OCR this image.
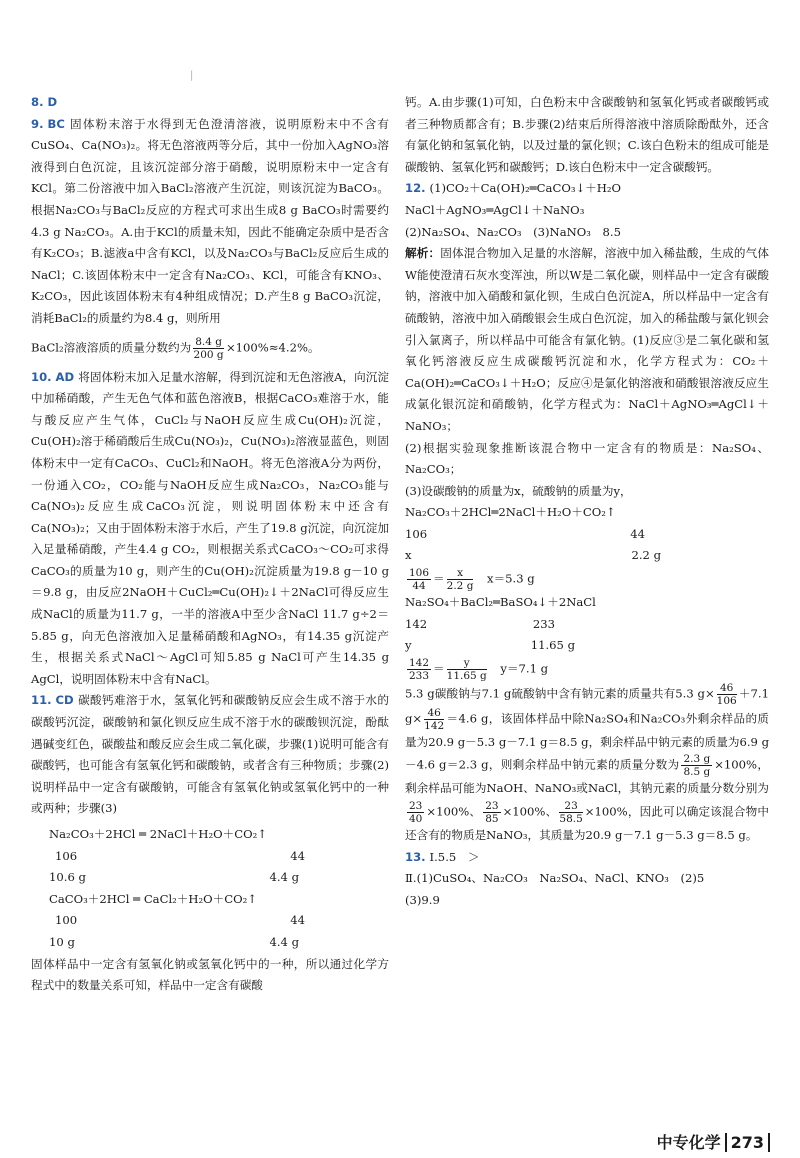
|

8. D

9. BC 固体粉末溶于水得到无色澄清溶液，说明原粉末中不含有CuSO₄、Ca(NO₃)₂。将无色溶液两等分后，其中一份加入AgNO₃溶液得到白色沉淀，且该沉淀部分溶于硝酸，说明原粉末中一定含有KCl。第二份溶液中加入BaCl₂溶液产生沉淀，则该沉淀为BaCO₃。根据Na₂CO₃与BaCl₂反应的方程式可求出生成8 g BaCO₃时需要约4.3 g Na₂CO₃。A.由于KCl的质量未知，因此不能确定杂质中是否含有K₂CO₃；B.滤液a中含有KCl，以及Na₂CO₃与BaCl₂反应后生成的NaCl；C.该固体粉末中一定含有Na₂CO₃、KCl，可能含有KNO₃、K₂CO₃，因此该固体粉末有4种组成情况；D.产生8 g BaCO₃沉淀，消耗BaCl₂的质量约为8.4 g，则所用

BaCl₂溶液溶质的质量分数约为 $\frac{8.4 g}{200 g} \times 100\%\approx 4.2\%$。

10. AD 将固体粉末加入足量水溶解，得到沉淀和无色溶液A，向沉淀中加稀硝酸，产生无色气体和蓝色溶液B，根据CaCO₃难溶于水，能与酸反应产生气体，CuCl₂与NaOH反应生成Cu(OH)₂沉淀，Cu(OH)₂溶于稀硝酸后生成Cu(NO₃)₂，Cu(NO₃)₂溶液显蓝色，则固体粉末中一定有CaCO₃、CuCl₂和NaOH。将无色溶液A分为两份，一份通入CO₂，CO₂能与NaOH反应生成Na₂CO₃，Na₂CO₃能与Ca(NO₃)₂反应生成CaCO₃沉淀，则说明固体粉末中还含有Ca(NO₃)₂；又由于固体粉末溶于水后，产生了19.8 g沉淀，向沉淀加入足量稀硝酸，产生4.4 g CO₂，则根据关系式CaCO₃～CO₂可求得CaCO₃的质量为10 g，则产生的Cu(OH)₂沉淀质量为19.8 g－10 g＝9.8 g，由反应2NaOH＋CuCl₂═Cu(OH)₂↓＋2NaCl可得反应生成NaCl的质量为11.7 g，一半的溶液A中至少含NaCl 11.7 g÷2＝5.85 g，向无色溶液加入足量稀硝酸和AgNO₃，有14.35 g沉淀产生，根据关系式NaCl～AgCl可知5.85 g NaCl可产生14.35 g AgCl，说明固体粉末中含有NaCl。

11. CD 碳酸钙难溶于水，氢氧化钙和碳酸钠反应会生成不溶于水的碳酸钙沉淀，碳酸钠和氯化钡反应生成不溶于水的碳酸钡沉淀，酚酞遇碱变红色，碳酸盐和酸反应会生成二氧化碳，步骤(1)说明可能含有碳酸钙，也可能含有氢氧化钙和碳酸钠，或者含有三种物质；步骤(2)说明样品中一定含有碳酸钠，可能含有氢氧化钠或氢氧化钙中的一种或两种；步骤(3)

Na₂CO₃＋2HCl ═ 2NaCl＋H₂O＋CO₂↑
106	44
10.6 g	4.4 g
CaCO₃＋2HCl ═ CaCl₂＋H₂O＋CO₂↑
100	44
10 g	4.4 g

固体样品中一定含有氢氧化钠或氢氧化钙中的一种，所以通过化学方程式中的数量关系可知，样品中一定含有碳酸

钙。A.由步骤(1)可知，白色粉末中含碳酸钠和氢氧化钙或者碳酸钙或者三种物质都含有；B.步骤(2)结束后所得溶液中溶质除酚酞外，还含有氯化钠和氢氧化钠，以及过量的氯化钡；C.该白色粉末的组成可能是碳酸钠、氢氧化钙和碳酸钙；D.该白色粉末中一定含碳酸钙。

12. (1)CO₂＋Ca(OH)₂═CaCO₃↓＋H₂O

NaCl＋AgNO₃═AgCl↓＋NaNO₃

(2)Na₂SO₄、Na₂CO₃　(3)NaNO₃　8.5

解析：固体混合物加入足量的水溶解，溶液中加入稀盐酸，生成的气体W能使澄清石灰水变浑浊，所以W是二氧化碳，则样品中一定含有碳酸钠，溶液中加入硝酸和氯化钡，生成白色沉淀A，所以样品中一定含有硫酸钠，溶液中加入硝酸银会生成白色沉淀，加入的稀盐酸与氯化钡会引入氯离子，所以样品中可能含有氯化钠。(1)反应③是二氧化碳和氢氧化钙溶液反应生成碳酸钙沉淀和水，化学方程式为：CO₂＋Ca(OH)₂═CaCO₃↓＋H₂O；反应④是氯化钠溶液和硝酸银溶液反应生成氯化银沉淀和硝酸钠，化学方程式为：NaCl＋AgNO₃═AgCl↓＋NaNO₃；

(2)根据实验现象推断该混合物中一定含有的物质是：Na₂SO₄、Na₂CO₃；

(3)设碳酸钠的质量为x，硫酸钠的质量为y，

Na₂CO₃＋2HCl═2NaCl＋H₂O＋CO₂↑
106	44
x	2.2 g
$\frac{106}{44} = \frac{x}{2.2 g}$
　 x＝5.3 g
Na₂SO₄＋BaCl₂═BaSO₄↓＋2NaCl
142	233
y	11.65 g
$\frac{142}{233} = \frac{y}{11.65 g}$
　 y＝7.1 g

5.3 g碳酸钠与7.1 g硫酸钠中含有钠元素的质量共有5.3 $g\times \frac{46}{106} +7.1$ $g\times \frac{46}{142} =4.6$ g，该固体样品中除Na₂SO₄和Na₂CO₃外剩余样品的质量为20.9 g－5.3 g－7.1 g＝8.5 g，剩余样品中钠元素的质量为6.9 g－4.6 g＝2.3 g，则剩余样品中钠元素的质量分数为 $\frac{2.3 g}{8.5 g} \times 100\%$，剩余样品可能为NaOH、NaNO₃或NaCl，其钠元素的质量分数分别为
$\frac{23}{40} \times 100\%$、 $\frac{23}{85} \times 100\%$、 $\frac{23}{58.5} \times 100\%$，因此可以确定该混合物中还含有的物质是NaNO₃，其质量为20.9 g－7.1 g－5.3 g＝8.5 g。

13. Ⅰ.5.5　＞

Ⅱ.(1)CuSO₄、Na₂CO₃　Na₂SO₄、NaCl、KNO₃　(2)5

(3)9.9

中专化学 273
